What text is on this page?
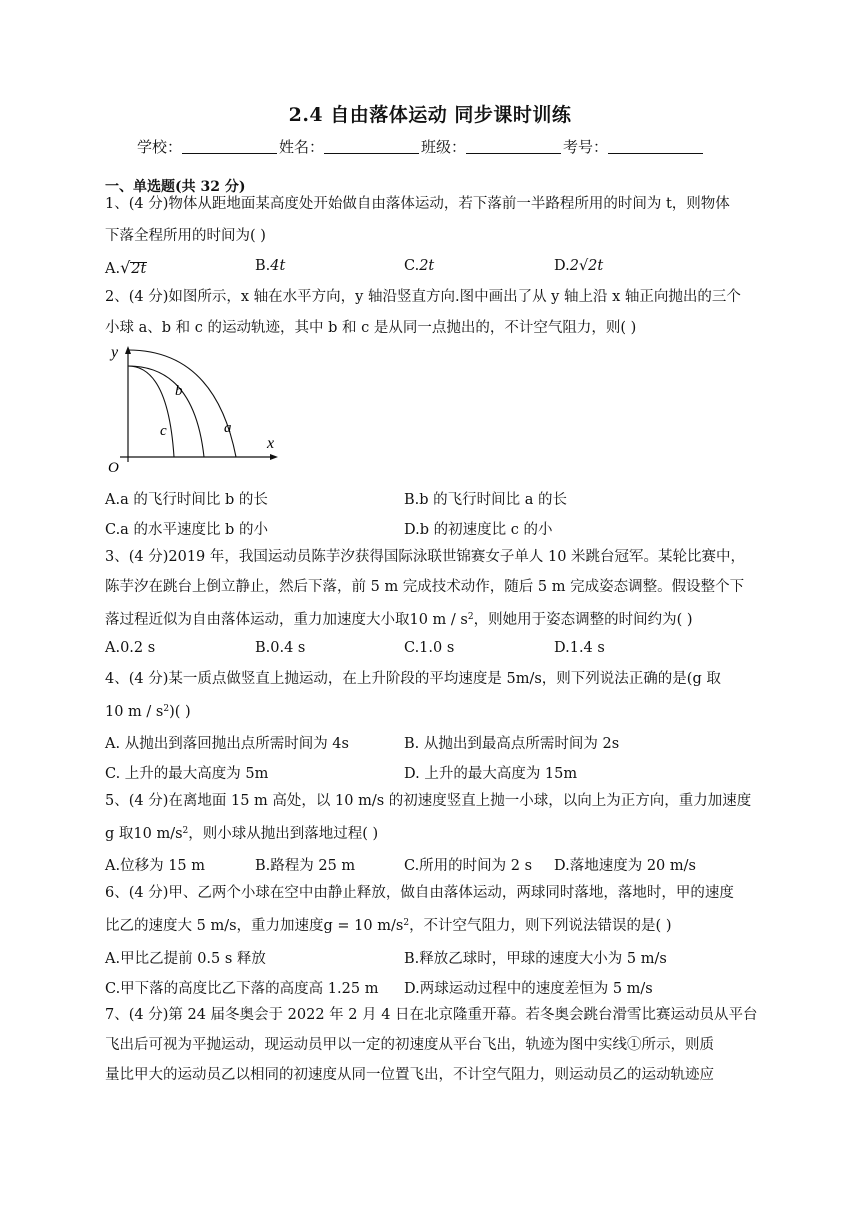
2.4 自由落体运动 同步课时训练
学校：	姓名：	班级：	考号：
一、单选题(共 32 分)
1、(4 分)物体从距地面某高度处开始做自由落体运动，若下落前一半路程所用的时间为 t，则物体
下落全程所用的时间为( )
A.√2t	B.4t	C.2t	D.2√2t
2、(4 分)如图所示，x 轴在水平方向，y 轴沿竖直方向.图中画出了从 y 轴上沿 x 轴正向抛出的三个
小球 a、b 和 c 的运动轨迹，其中 b 和 c 是从同一点抛出的，不计空气阻力，则( )
y
x
O
b
c	a
A.a 的飞行时间比 b 的长	B.b 的飞行时间比 a 的长
C.a 的水平速度比 b 的小	D.b 的初速度比 c 的小
3、(4 分)2019 年，我国运动员陈芋汐获得国际泳联世锦赛女子单人 10 米跳台冠军。某轮比赛中，
陈芋汐在跳台上倒立静止，然后下落，前 5 m 完成技术动作，随后 5 m 完成姿态调整。假设整个下
落过程近似为自由落体运动，重力加速度大小取10 m / $s^2$，则她用于姿态调整的时间约为( )
A.0.2 s	B.0.4 s	C.1.0 s	D.1.4 s
4、(4 分)某一质点做竖直上抛运动，在上升阶段的平均速度是 5m/s，则下列说法正确的是(g 取
10 m / $s^2$)( )
A. 从抛出到落回抛出点所需时间为 4s	B. 从抛出到最高点所需时间为 2s
C. 上升的最大高度为 5m	D. 上升的最大高度为 15m
5、(4 分)在离地面 15 m 高处，以 10 m/s 的初速度竖直上抛一小球，以向上为正方向，重力加速度
g 取10 $m/s^2$，则小球从抛出到落地过程( )
A.位移为 15 m	B.路程为 25 m	C.所用的时间为 2 s D.落地速度为 20 m/s
6、(4 分)甲、乙两个小球在空中由静止释放，做自由落体运动，两球同时落地，落地时，甲的速度
比乙的速度大 5 m/s，重力加速度g = 10 $m/s^2$，不计空气阻力，则下列说法错误的是( )
A.甲比乙提前 0.5 s 释放	B.释放乙球时，甲球的速度大小为 5 m/s
C.甲下落的高度比乙下落的高度高 1.25 m D.两球运动过程中的速度差恒为 5 m/s
7、(4 分)第 24 届冬奥会于 2022 年 2 月 4 日在北京隆重开幕。若冬奥会跳台滑雪比赛运动员从平台
飞出后可视为平抛运动，现运动员甲以一定的初速度从平台飞出，轨迹为图中实线①所示，则质
量比甲大的运动员乙以相同的初速度从同一位置飞出，不计空气阻力，则运动员乙的运动轨迹应
